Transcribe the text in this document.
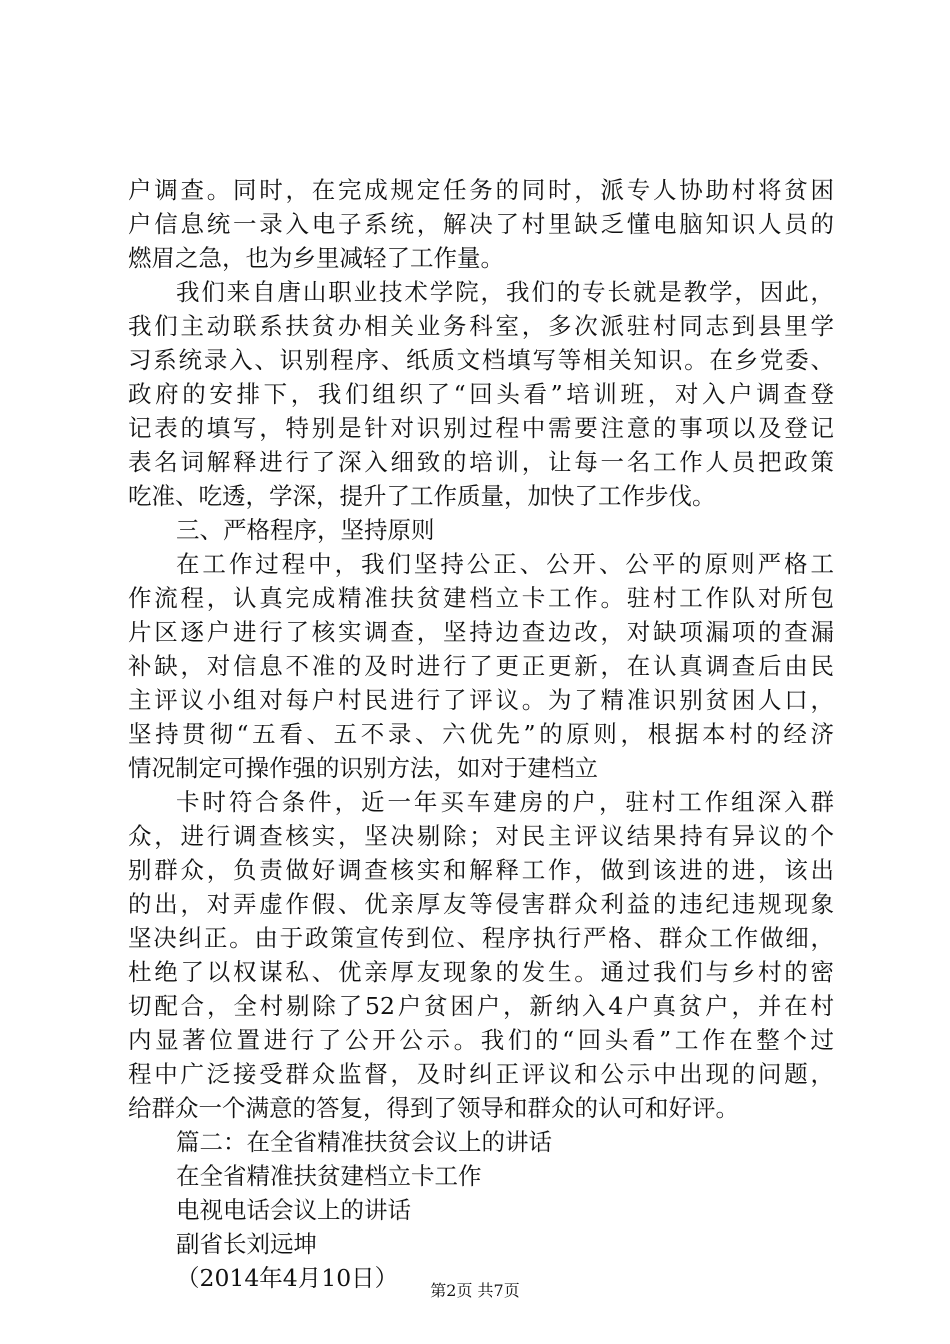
户调查。同时，在完成规定任务的同时，派专人协助村将贫困
户信息统一录入电子系统，解决了村里缺乏懂电脑知识人员的
燃眉之急，也为乡里减轻了工作量。
我们来自唐山职业技术学院，我们的专长就是教学，因此，
我们主动联系扶贫办相关业务科室，多次派驻村同志到县里学
习系统录入、识别程序、纸质文档填写等相关知识。在乡党委、
政府的安排下，我们组织了“回头看”培训班，对入户调查登
记表的填写，特别是针对识别过程中需要注意的事项以及登记
表名词解释进行了深入细致的培训，让每一名工作人员把政策
吃准、吃透，学深，提升了工作质量，加快了工作步伐。
三、严格程序，坚持原则
在工作过程中，我们坚持公正、公开、公平的原则严格工
作流程，认真完成精准扶贫建档立卡工作。驻村工作队对所包
片区逐户进行了核实调查，坚持边查边改，对缺项漏项的查漏
补缺，对信息不准的及时进行了更正更新，在认真调查后由民
主评议小组对每户村民进行了评议。为了精准识别贫困人口，
坚持贯彻“五看、五不录、六优先”的原则，根据本村的经济
情况制定可操作强的识别方法，如对于建档立
卡时符合条件，近一年买车建房的户，驻村工作组深入群
众，进行调查核实，坚决剔除；对民主评议结果持有异议的个
别群众，负责做好调查核实和解释工作，做到该进的进，该出
的出，对弄虚作假、优亲厚友等侵害群众利益的违纪违规现象
坚决纠正。由于政策宣传到位、程序执行严格、群众工作做细，
杜绝了以权谋私、优亲厚友现象的发生。通过我们与乡村的密
切配合，全村剔除了52户贫困户，新纳入4户真贫户，并在村
内显著位置进行了公开公示。我们的“回头看”工作在整个过
程中广泛接受群众监督，及时纠正评议和公示中出现的问题，
给群众一个满意的答复，得到了领导和群众的认可和好评。
篇二：在全省精准扶贫会议上的讲话
在全省精准扶贫建档立卡工作
电视电话会议上的讲话
副省长刘远坤
（2014年4月10日）	第2页 共7页
